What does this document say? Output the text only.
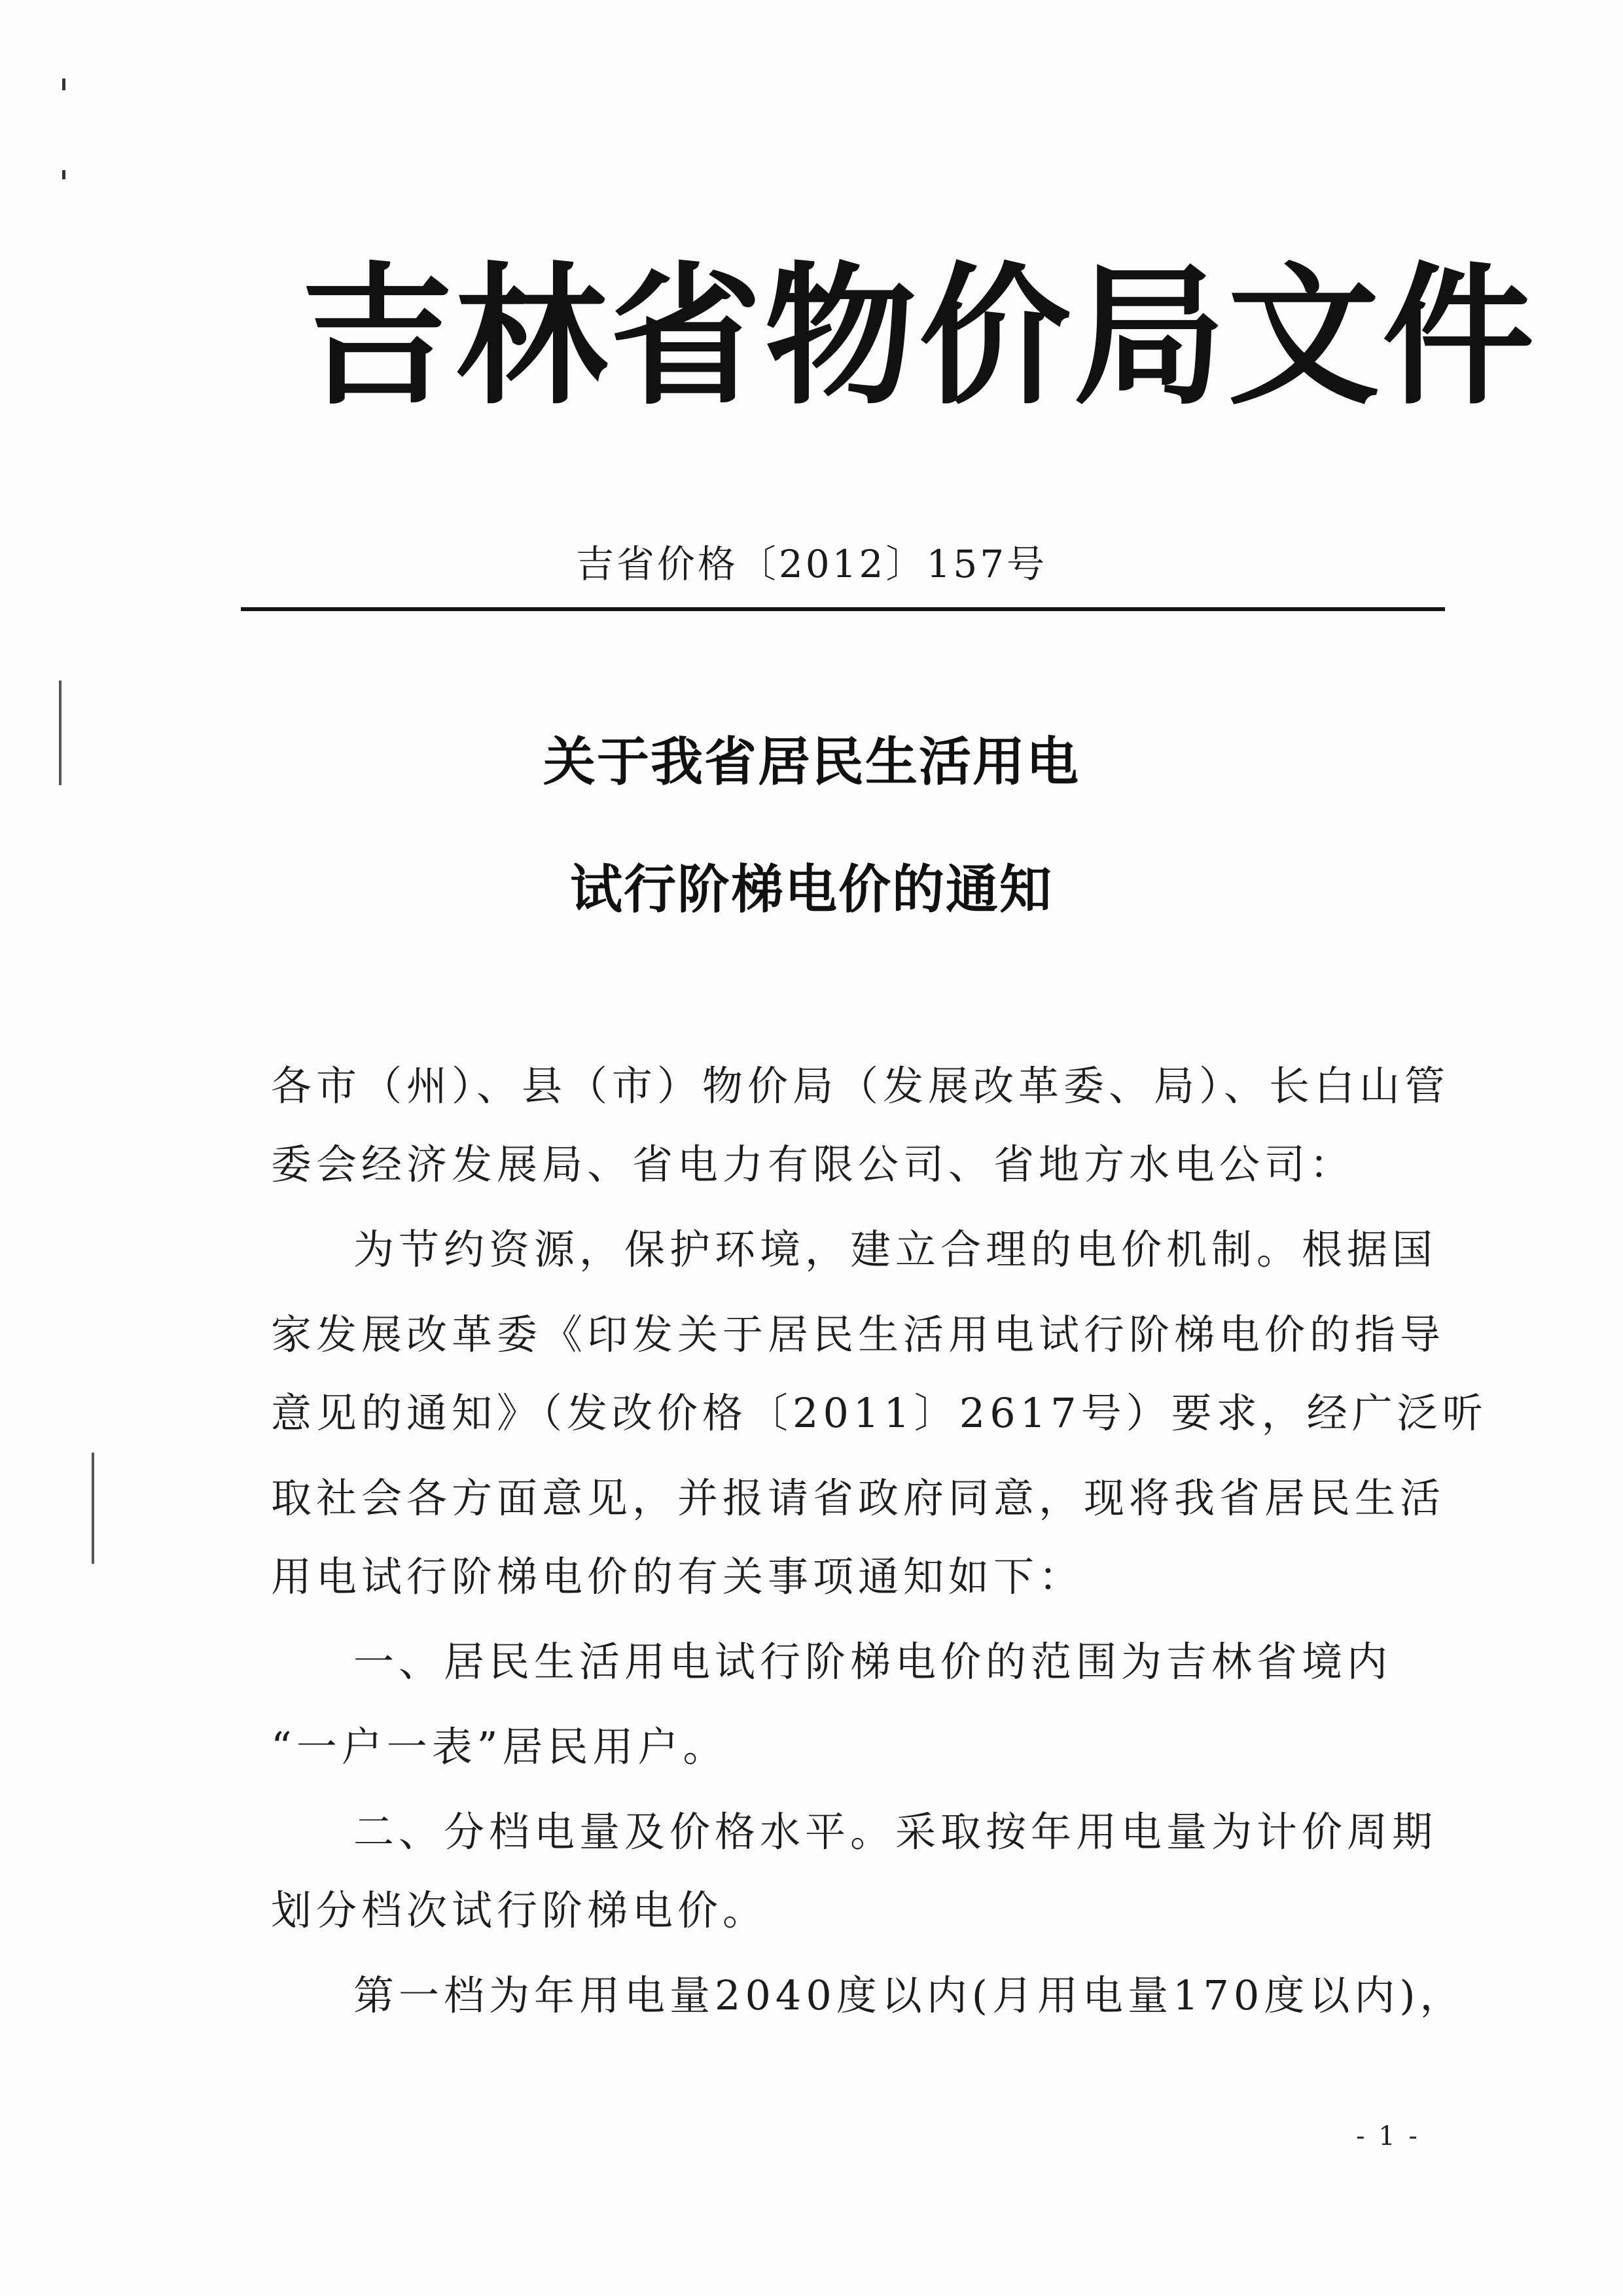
吉林省物价局文件
吉省价格〔2012〕157号
关于我省居民生活用电
试行阶梯电价的通知
各市（州）、县（市）物价局（发展改革委、局）、长白山管
委会经济发展局、省电力有限公司、省地方水电公司：
为节约资源，保护环境，建立合理的电价机制。根据国
家发展改革委《印发关于居民生活用电试行阶梯电价的指导
意见的通知》（发改价格〔2011〕2617号）要求，经广泛听
取社会各方面意见，并报请省政府同意，现将我省居民生活
用电试行阶梯电价的有关事项通知如下：
一、居民生活用电试行阶梯电价的范围为吉林省境内
“一户一表”居民用户。
二、分档电量及价格水平。采取按年用电量为计价周期
划分档次试行阶梯电价。
第一档为年用电量2040度以内(月用电量170度以内)，
- 1 -
